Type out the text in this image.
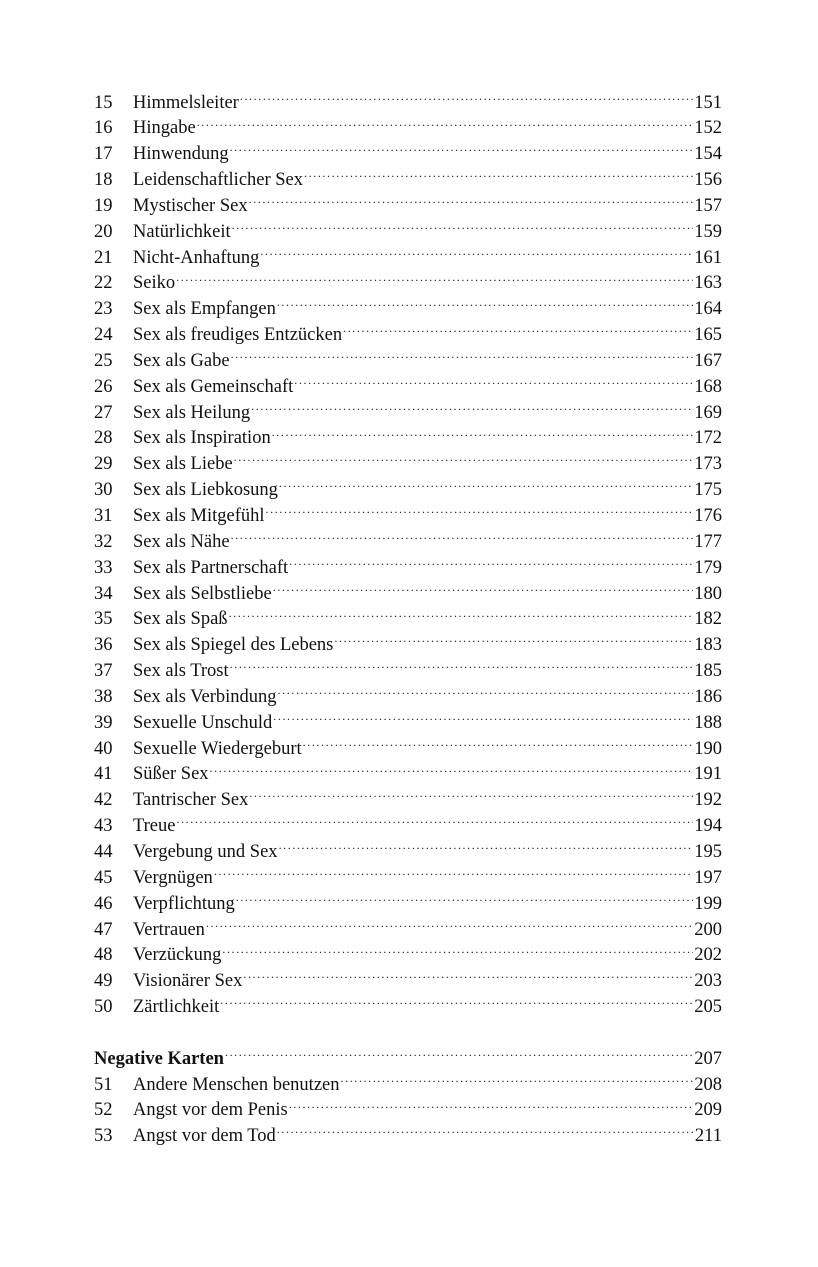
15	Himmelsleiter .....	151
16	Hingabe .....	152
17	Hinwendung .....	154
18	Leidenschaftlicher Sex .....	156
19	Mystischer Sex .....	157
20	Natürlichkeit .....	159
21	Nicht-Anhaftung .....	161
22	Seiko .....	163
23	Sex als Empfangen .....	164
24	Sex als freudiges Entzücken .....	165
25	Sex als Gabe .....	167
26	Sex als Gemeinschaft .....	168
27	Sex als Heilung .....	169
28	Sex als Inspiration .....	172
29	Sex als Liebe .....	173
30	Sex als Liebkosung .....	175
31	Sex als Mitgefühl .....	176
32	Sex als Nähe .....	177
33	Sex als Partnerschaft .....	179
34	Sex als Selbstliebe .....	180
35	Sex als Spaß .....	182
36	Sex als Spiegel des Lebens .....	183
37	Sex als Trost .....	185
38	Sex als Verbindung .....	186
39	Sexuelle Unschuld .....	188
40	Sexuelle Wiedergeburt .....	190
41	Süßer Sex .....	191
42	Tantrischer Sex .....	192
43	Treue .....	194
44	Vergebung und Sex .....	195
45	Vergnügen .....	197
46	Verpflichtung .....	199
47	Vertrauen .....	200
48	Verzückung .....	202
49	Visionärer Sex .....	203
50	Zärtlichkeit .....	205
Negative Karten .....	207
51	Andere Menschen benutzen .....	208
52	Angst vor dem Penis .....	209
53	Angst vor dem Tod .....	211
